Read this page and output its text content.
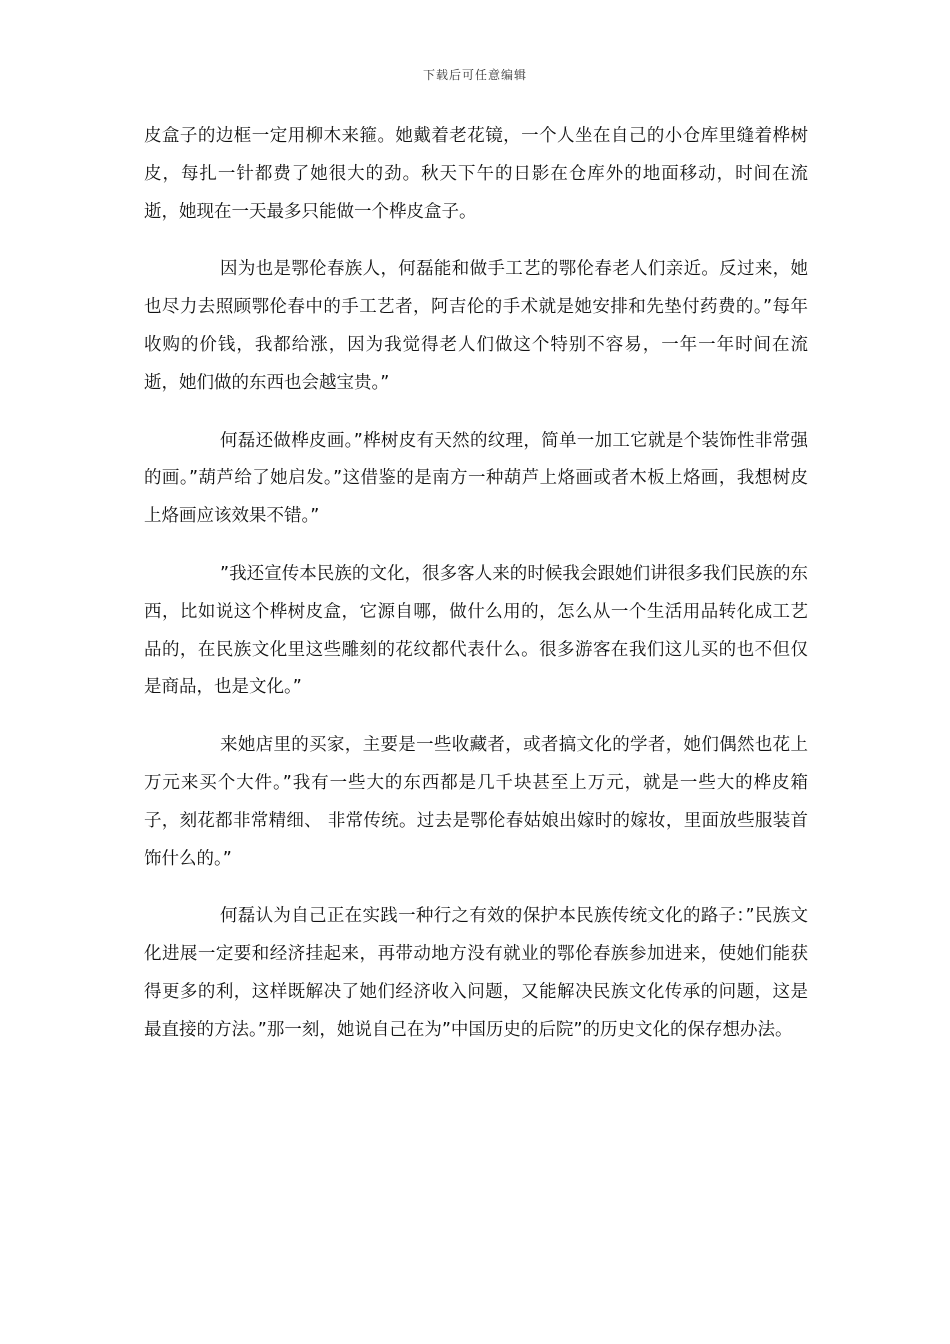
下载后可任意编辑

皮盒子的边框一定用柳木来箍。她戴着老花镜，一个人坐在自己的小仓库里缝着桦树皮，每扎一针都费了她很大的劲。秋天下午的日影在仓库外的地面移动，时间在流逝，她现在一天最多只能做一个桦皮盒子。

因为也是鄂伦春族人，何磊能和做手工艺的鄂伦春老人们亲近。反过来，她也尽力去照顾鄂伦春中的手工艺者，阿吉伦的手术就是她安排和先垫付药费的。”每年收购的价钱，我都给涨，因为我觉得老人们做这个特别不容易，一年一年时间在流逝，她们做的东西也会越宝贵。”

何磊还做桦皮画。”桦树皮有天然的纹理，简单一加工它就是个装饰性非常强的画。”葫芦给了她启发。”这借鉴的是南方一种葫芦上烙画或者木板上烙画，我想树皮上烙画应该效果不错。”

”我还宣传本民族的文化，很多客人来的时候我会跟她们讲很多我们民族的东西，比如说这个桦树皮盒，它源自哪，做什么用的，怎么从一个生活用品转化成工艺品的，在民族文化里这些雕刻的花纹都代表什么。很多游客在我们这儿买的也不但仅是商品，也是文化。”

来她店里的买家，主要是一些收藏者，或者搞文化的学者，她们偶然也花上万元来买个大件。”我有一些大的东西都是几千块甚至上万元，就是一些大的桦皮箱子，刻花都非常精细、 非常传统。过去是鄂伦春姑娘出嫁时的嫁妆，里面放些服装首饰什么的。”

何磊认为自己正在实践一种行之有效的保护本民族传统文化的路子：”民族文化进展一定要和经济挂起来，再带动地方没有就业的鄂伦春族参加进来，使她们能获得更多的利，这样既解决了她们经济收入问题，又能解决民族文化传承的问题，这是最直接的方法。”那一刻，她说自己在为”中国历史的后院”的历史文化的保存想办法。
